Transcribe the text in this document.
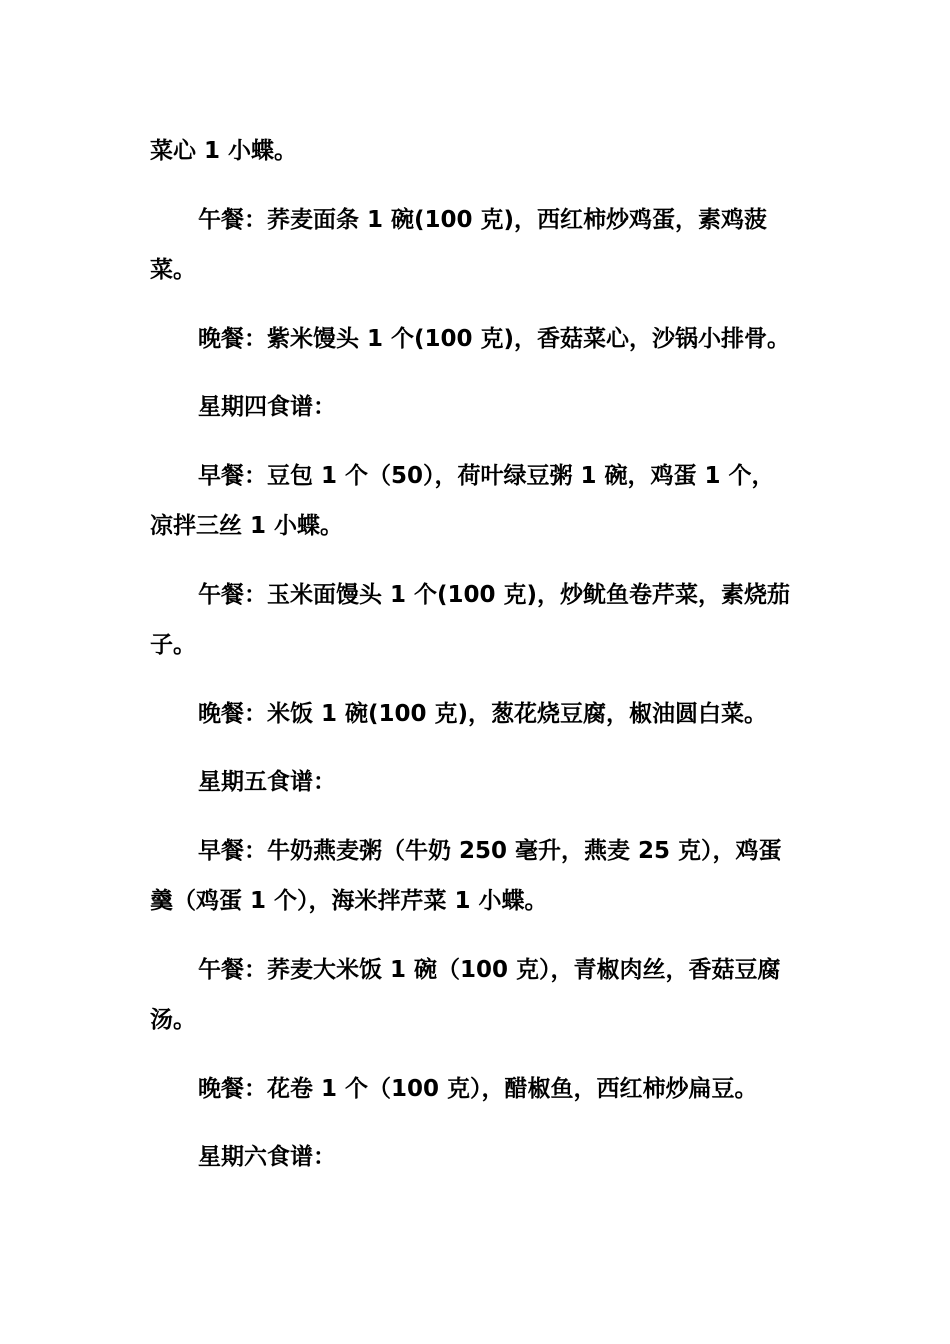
菜心 1 小蝶。

午餐：荞麦面条 1 碗(100 克)，西红柿炒鸡蛋，素鸡菠菜。

晚餐：紫米馒头 1 个(100 克)，香菇菜心，沙锅小排骨。

星期四食谱：

早餐：豆包 1 个（50），荷叶绿豆粥 1 碗，鸡蛋 1 个，凉拌三丝 1 小蝶。

午餐：玉米面馒头 1 个(100 克)，炒鱿鱼卷芹菜，素烧茄子。

晚餐：米饭 1 碗(100 克)，葱花烧豆腐，椒油圆白菜。

星期五食谱：

早餐：牛奶燕麦粥（牛奶 250 毫升，燕麦 25 克），鸡蛋羹（鸡蛋 1 个），海米拌芹菜 1 小蝶。

午餐：荞麦大米饭 1 碗（100 克），青椒肉丝，香菇豆腐汤。

晚餐：花卷 1 个（100 克），醋椒鱼，西红柿炒扁豆。

星期六食谱：
